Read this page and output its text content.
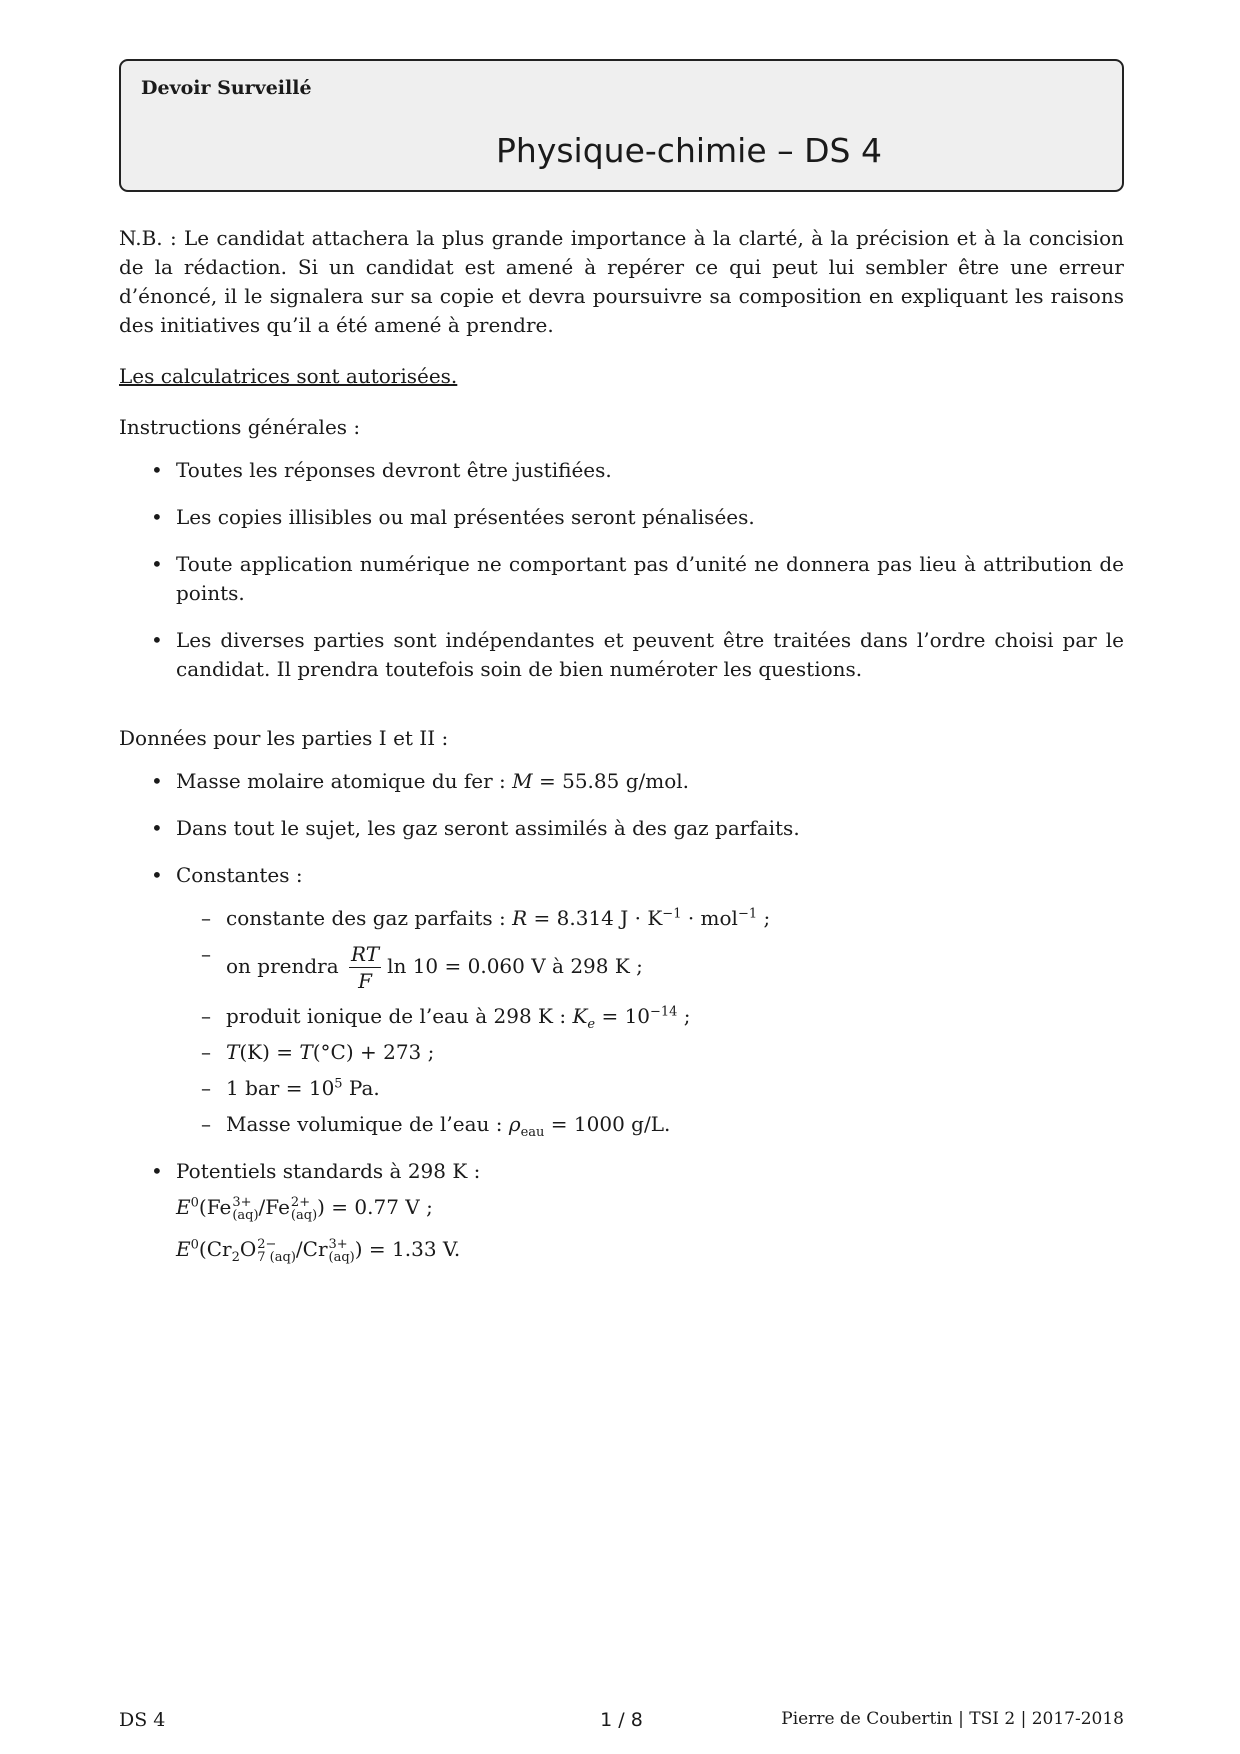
Devoir Surveillé
Physique-chimie – DS 4

N.B. : Le candidat attachera la plus grande importance à la clarté, à la précision et à la concision de la rédaction. Si un candidat est amené à repérer ce qui peut lui sembler être une erreur d’énoncé, il le signalera sur sa copie et devra poursuivre sa composition en expliquant les raisons des initiatives qu’il a été amené à prendre.

Les calculatrices sont autorisées.

Instructions générales :

• Toutes les réponses devront être justifiées.
• Les copies illisibles ou mal présentées seront pénalisées.
• Toute application numérique ne comportant pas d’unité ne donnera pas lieu à attribution de points.
• Les diverses parties sont indépendantes et peuvent être traitées dans l’ordre choisi par le candidat. Il prendra toutefois soin de bien numéroter les questions.

Données pour les parties I et II :

• Masse molaire atomique du fer : M = 55.85 g/mol.
• Dans tout le sujet, les gaz seront assimilés à des gaz parfaits.
• Constantes :
– constante des gaz parfaits : R = 8.314 $J \cdot K^{-1} \cdot mol^{-1}$ ;
– on prendra $\frac{RT}{F}$ ln 10 = 0.060 V à 298 K ;
– produit ionique de l’eau à 298 K : $K_e = 10^{-14}$ ;
– T(K) = T(°C) + 273 ;
– 1 bar = $10^5$ Pa.
– Masse volumique de l’eau : $\rho_{eau} = 1000$ g/L.
• Potentiels standards à 298 K :
$E^0(Fe$ 3+
(aq) /Fe 2+
(aq) ) = 0.77 V ;
$E^0(Cr_2O$ 2−
7 (aq) /Cr 3+
(aq) ) = 1.33 V.
DS 4	1 / 8	Pierre de Coubertin | TSI 2 | 2017-2018
